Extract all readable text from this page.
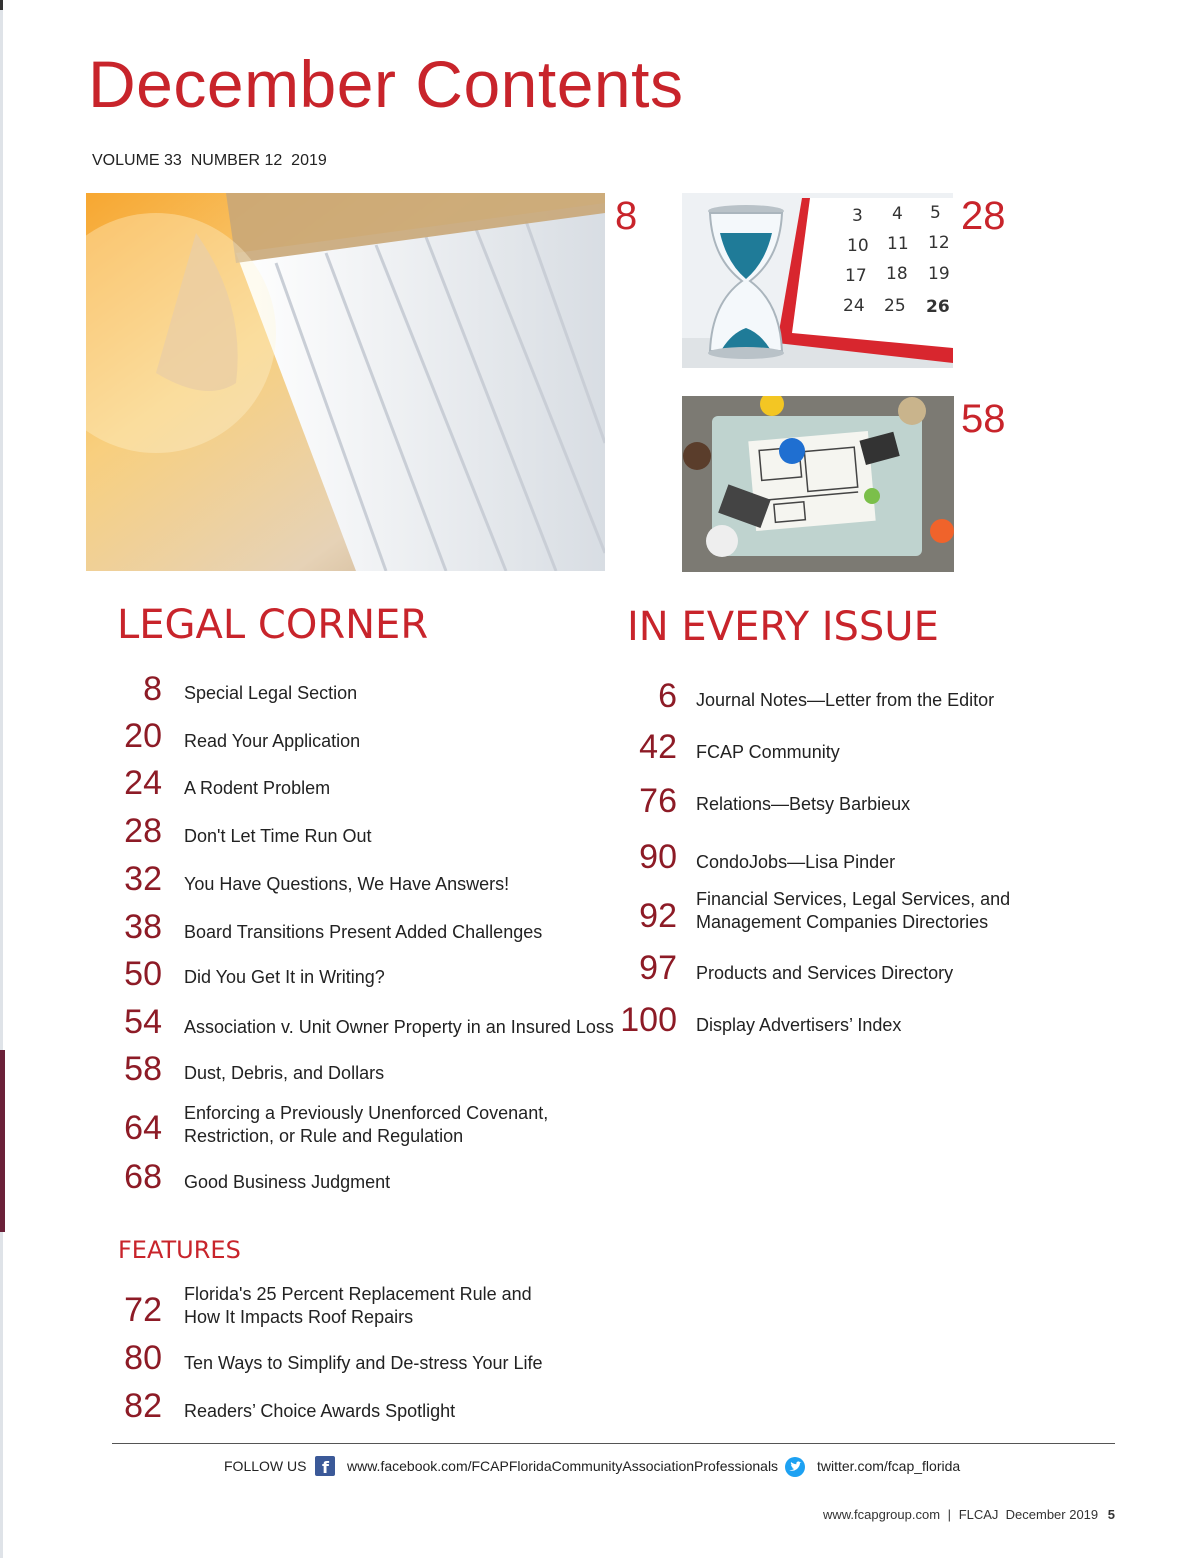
December Contents
VOLUME 33  NUMBER 12  2019
8	3 4 5
10 11 12
17 18 19
24 25 26
28
58
LEGAL CORNER	IN EVERY ISSUE
FEATURES
8 Special Legal Section
20 Read Your Application
24 A Rodent Problem
28 Don't Let Time Run Out
32 You Have Questions, We Have Answers!
38 Board Transitions Present Added Challenges
50 Did You Get It in Writing?
54 Association v. Unit Owner Property in an Insured Loss
58 Dust, Debris, and Dollars
64 Enforcing a Previously Unenforced Covenant,
Restriction, or Rule and Regulation
68 Good Business Judgment
72 Florida's 25 Percent Replacement Rule and
How It Impacts Roof Repairs
80 Ten Ways to Simplify and De-stress Your Life
82 Readers’ Choice Awards Spotlight
6 Journal Notes—Letter from the Editor
42 FCAP Community
76 Relations—Betsy Barbieux
90 CondoJobs—Lisa Pinder
92 Financial Services, Legal Services, and
Management Companies Directories
97 Products and Services Directory
100 Display Advertisers’ Index
FOLLOW US f www.facebook.com/FCAPFloridaCommunityAssociationProfessionals	twitter.com/fcap_florida
www.fcapgroup.com | FLCAJ  December 2019 5
